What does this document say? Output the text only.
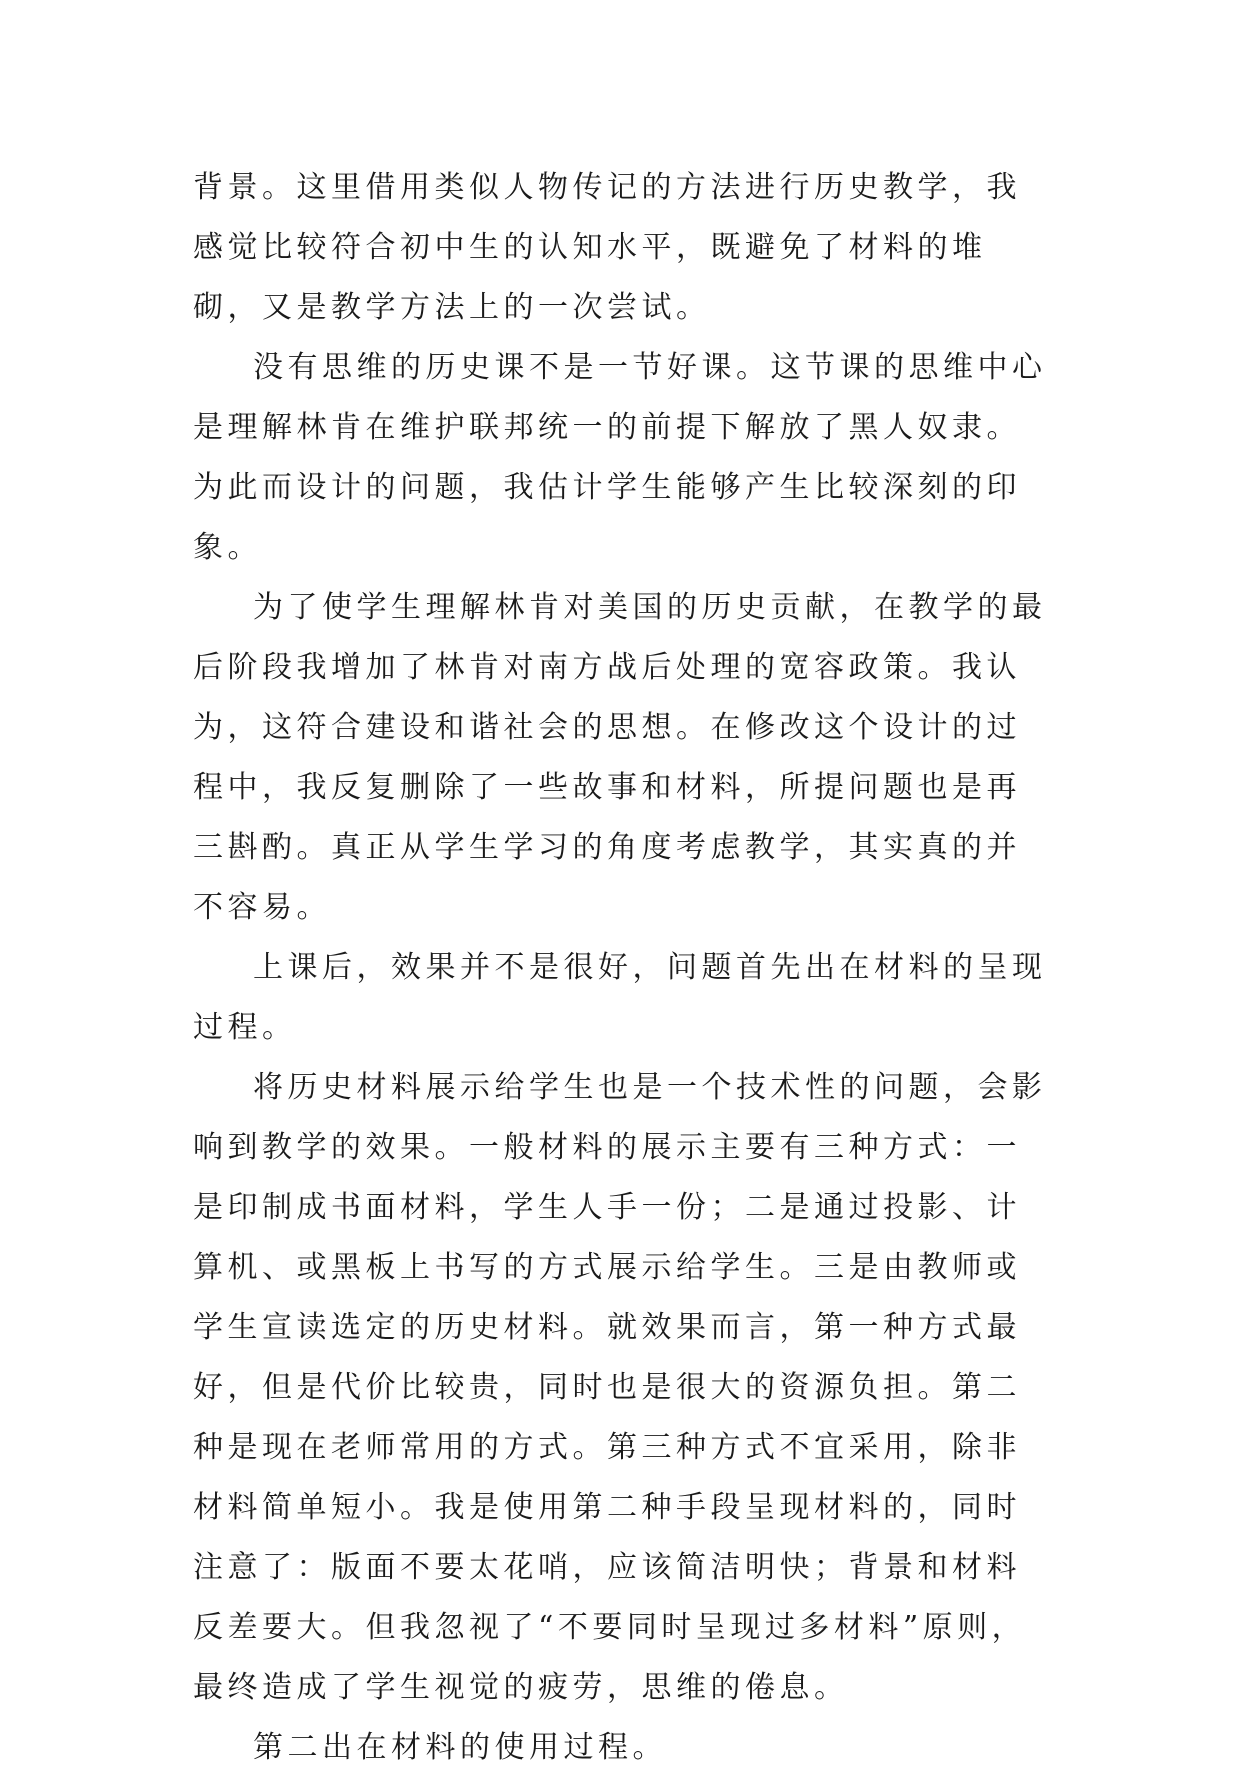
背景。这里借用类似人物传记的方法进行历史教学，我感觉比较符合初中生的认知水平，既避免了材料的堆砌，又是教学方法上的一次尝试。

没有思维的历史课不是一节好课。这节课的思维中心是理解林肯在维护联邦统一的前提下解放了黑人奴隶。为此而设计的问题，我估计学生能够产生比较深刻的印象。

为了使学生理解林肯对美国的历史贡献，在教学的最后阶段我增加了林肯对南方战后处理的宽容政策。我认为，这符合建设和谐社会的思想。在修改这个设计的过程中，我反复删除了一些故事和材料，所提问题也是再三斟酌。真正从学生学习的角度考虑教学，其实真的并不容易。

上课后，效果并不是很好，问题首先出在材料的呈现过程。

将历史材料展示给学生也是一个技术性的问题，会影响到教学的效果。一般材料的展示主要有三种方式：一是印制成书面材料，学生人手一份；二是通过投影、计算机、或黑板上书写的方式展示给学生。三是由教师或学生宣读选定的历史材料。就效果而言，第一种方式最好，但是代价比较贵，同时也是很大的资源负担。第二种是现在老师常用的方式。第三种方式不宜采用，除非材料简单短小。我是使用第二种手段呈现材料的，同时注意了：版面不要太花哨，应该简洁明快；背景和材料反差要大。但我忽视了“不要同时呈现过多材料”原则，最终造成了学生视觉的疲劳，思维的倦息。

第二出在材料的使用过程。
